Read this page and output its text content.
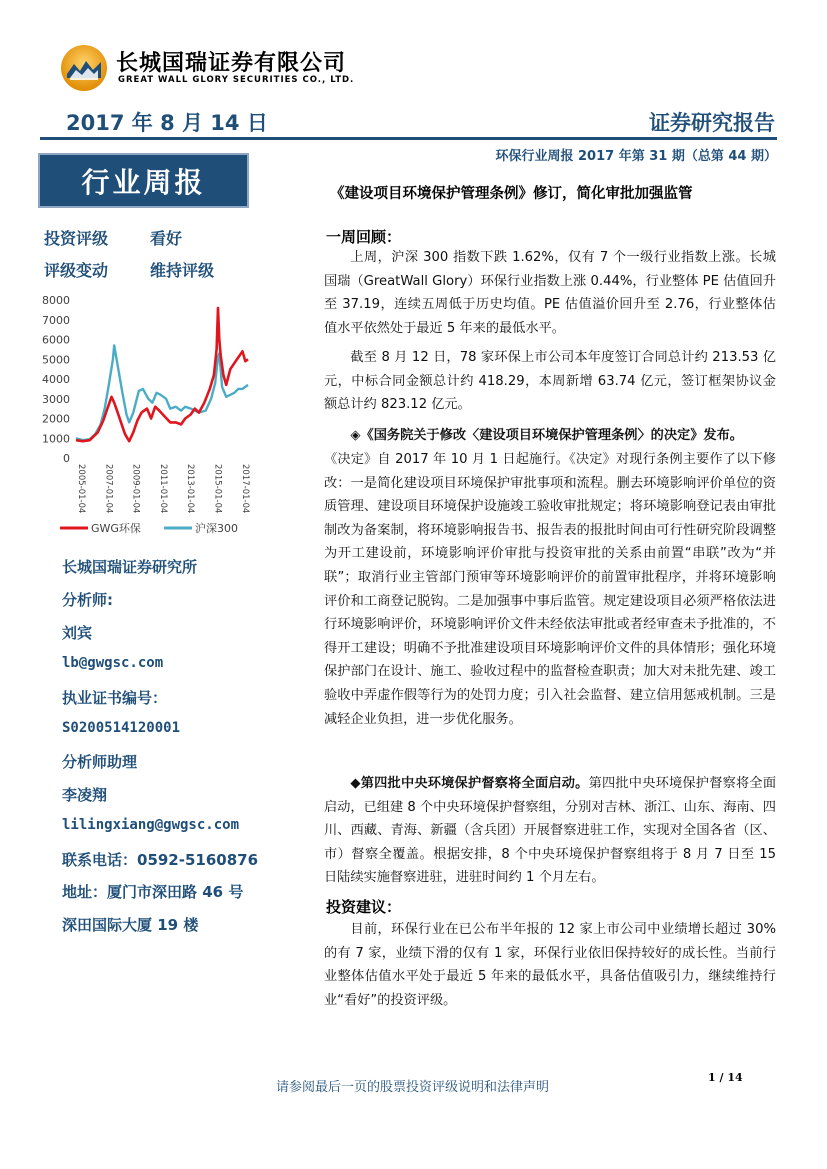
长城国瑞证券有限公司
GREAT WALL GLORY SECURITIES CO., LTD.
2017 年 8 月 14 日	证券研究报告
环保行业周报 2017 年第 31 期（总第 44 期）
行业周报
投资评级	看好
评级变动	维持评级
8000
7000
6000
5000
4000
3000
2000
1000
0
2005-01-04 2007-01-04 2009-01-04 2011-01-04 2013-01-04 2015-01-04 2017-01-04
GWG环保	沪深300
长城国瑞证券研究所
分析师:
刘宾
lb@gwgsc.com
执业证书编号：
S0200514120001
分析师助理
李凌翔
lilingxiang@gwgsc.com
联系电话：0592-5160876
地址：厦门市深田路 46 号
深田国际大厦 19 楼
《建设项目环境保护管理条例》修订，简化审批加强监管
一周回顾：
上周，沪深 300 指数下跌 1.62%，仅有 7 个一级行业指数上涨。长城国瑞（GreatWall Glory）环保行业指数上涨 0.44%，行业整体 PE 估值回升至 37.19，连续五周低于历史均值。PE 估值溢价回升至 2.76，行业整体估值水平依然处于最近 5 年来的最低水平。
截至 8 月 12 日，78 家环保上市公司本年度签订合同总计约 213.53 亿元，中标合同金额总计约 418.29，本周新增 63.74 亿元，签订框架协议金额总计约 823.12 亿元。
◈《国务院关于修改〈建设项目环境保护管理条例〉的决定》发布。
《决定》自 2017 年 10 月 1 日起施行。《决定》对现行条例主要作了以下修改：一是简化建设项目环境保护审批事项和流程。删去环境影响评价单位的资质管理、建设项目环境保护设施竣工验收审批规定；将环境影响登记表由审批制改为备案制，将环境影响报告书、报告表的报批时间由可行性研究阶段调整为开工建设前，环境影响评价审批与投资审批的关系由前置“串联”改为“并联”；取消行业主管部门预审等环境影响评价的前置审批程序，并将环境影响评价和工商登记脱钩。二是加强事中事后监管。规定建设项目必须严格依法进行环境影响评价，环境影响评价文件未经依法审批或者经审查未予批准的，不得开工建设；明确不予批准建设项目环境影响评价文件的具体情形；强化环境保护部门在设计、施工、验收过程中的监督检查职责；加大对未批先建、竣工验收中弄虚作假等行为的处罚力度；引入社会监督、建立信用惩戒机制。三是减轻企业负担，进一步优化服务。
◆第四批中央环境保护督察将全面启动。第四批中央环境保护督察将全面启动，已组建 8 个中央环境保护督察组，分别对吉林、浙江、山东、海南、四川、西藏、青海、新疆（含兵团）开展督察进驻工作，实现对全国各省（区、市）督察全覆盖。根据安排，8 个中央环境保护督察组将于 8 月 7 日至 15 日陆续实施督察进驻，进驻时间约 1 个月左右。
投资建议：
目前，环保行业在已公布半年报的 12 家上市公司中业绩增长超过 30%的有 7 家，业绩下滑的仅有 1 家，环保行业依旧保持较好的成长性。当前行业整体估值水平处于最近 5 年来的最低水平，具备估值吸引力，继续维持行业“看好”的投资评级。
请参阅最后一页的股票投资评级说明和法律声明
1 / 14
